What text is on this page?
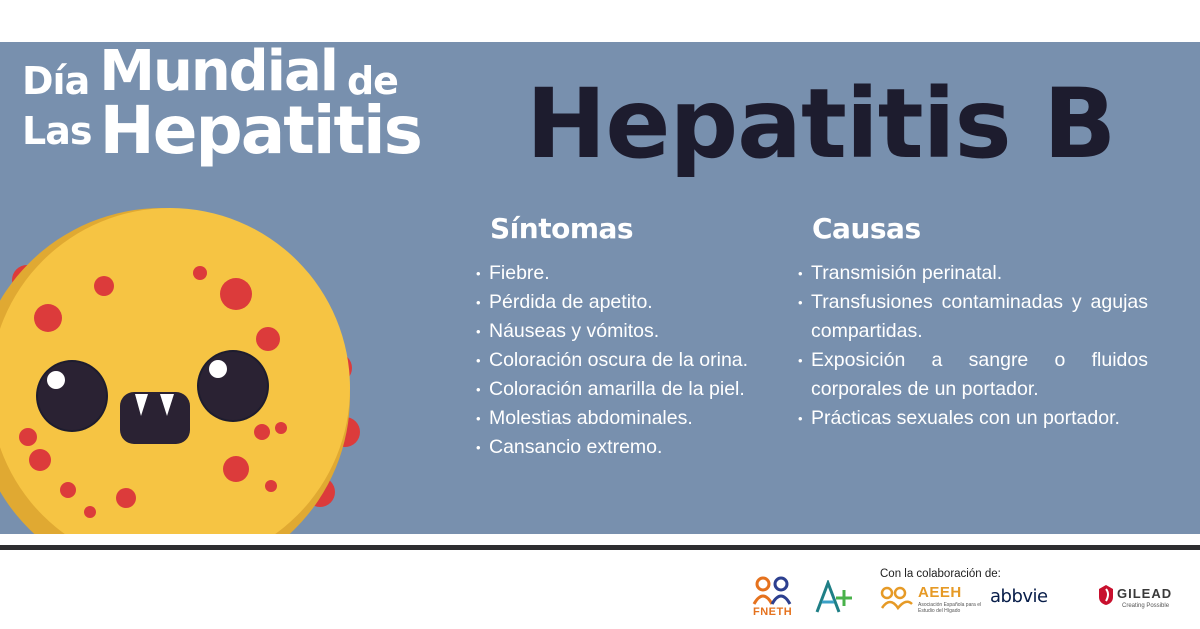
Día Mundial de
Las Hepatitis Hepatitis B
Síntomas
• Fiebre.
• Pérdida de apetito.
• Náuseas y vómitos.
• Coloración oscura de la orina.
• Coloración amarilla de la piel.
• Molestias abdominales.
• Cansancio extremo.
Causas
• Transmisión perinatal.
• Transfusiones contaminadas y agujas compartidas.
• Exposición a sangre o fluidos corporales de un portador.
• Prácticas sexuales con un portador.
Con la colaboración de:
FNETH
AEEH
Asociación Española para el Estudio del Hígado
abbvie	GILEAD
Creating Possible
